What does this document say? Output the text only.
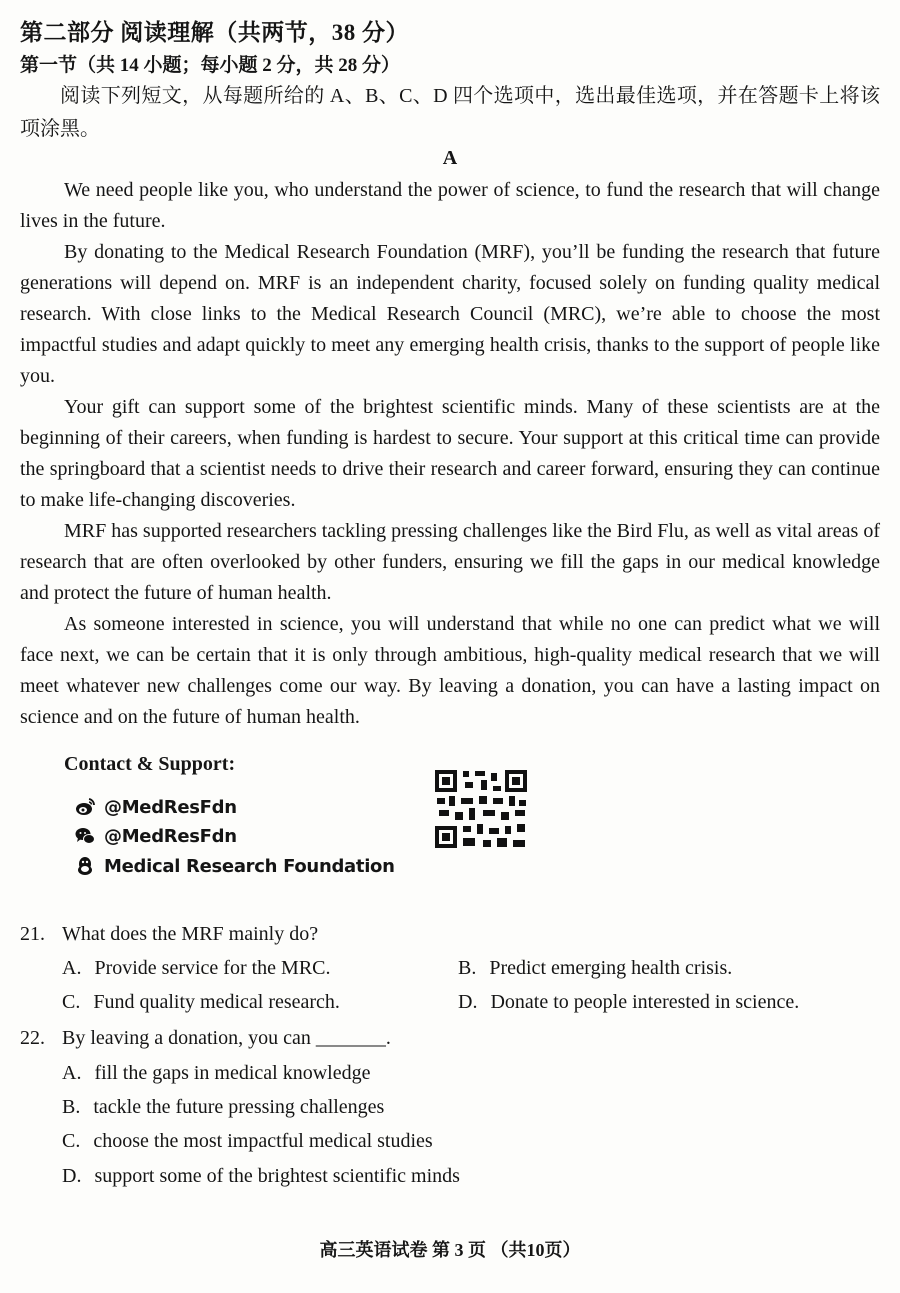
第二部分 阅读理解（共两节，38 分）
第一节（共 14 小题；每小题 2 分，共 28 分）
阅读下列短文，从每题所给的 A、B、C、D 四个选项中，选出最佳选项，并在答题卡上将该项涂黑。
A

We need people like you, who understand the power of science, to fund the research that will change lives in the future.

By donating to the Medical Research Foundation (MRF), you’ll be funding the research that future generations will depend on. MRF is an independent charity, focused solely on funding quality medical research. With close links to the Medical Research Council (MRC), we’re able to choose the most impactful studies and adapt quickly to meet any emerging health crisis, thanks to the support of people like you.

Your gift can support some of the brightest scientific minds. Many of these scientists are at the beginning of their careers, when funding is hardest to secure. Your support at this critical time can provide the springboard that a scientist needs to drive their research and career forward, ensuring they can continue to make life-changing discoveries.

MRF has supported researchers tackling pressing challenges like the Bird Flu, as well as vital areas of research that are often overlooked by other funders, ensuring we fill the gaps in our medical knowledge and protect the future of human health.

As someone interested in science, you will understand that while no one can predict what we will face next, we can be certain that it is only through ambitious, high-quality medical research that we will meet whatever new challenges come our way. By leaving a donation, you can have a lasting impact on science and on the future of human health.

Contact & Support:
@MedResFdn
@MedResFdn
Medical Research Foundation
21. What does the MRF mainly do?
A. Provide service for the MRC.	B. Predict emerging health crisis.
C. Fund quality medical research.	D. Donate to people interested in science.
22. By leaving a donation, you can _______.
A. fill the gaps in medical knowledge
B. tackle the future pressing challenges
C. choose the most impactful medical studies
D. support some of the brightest scientific minds
高三英语试卷 第 3 页 （共10页）
